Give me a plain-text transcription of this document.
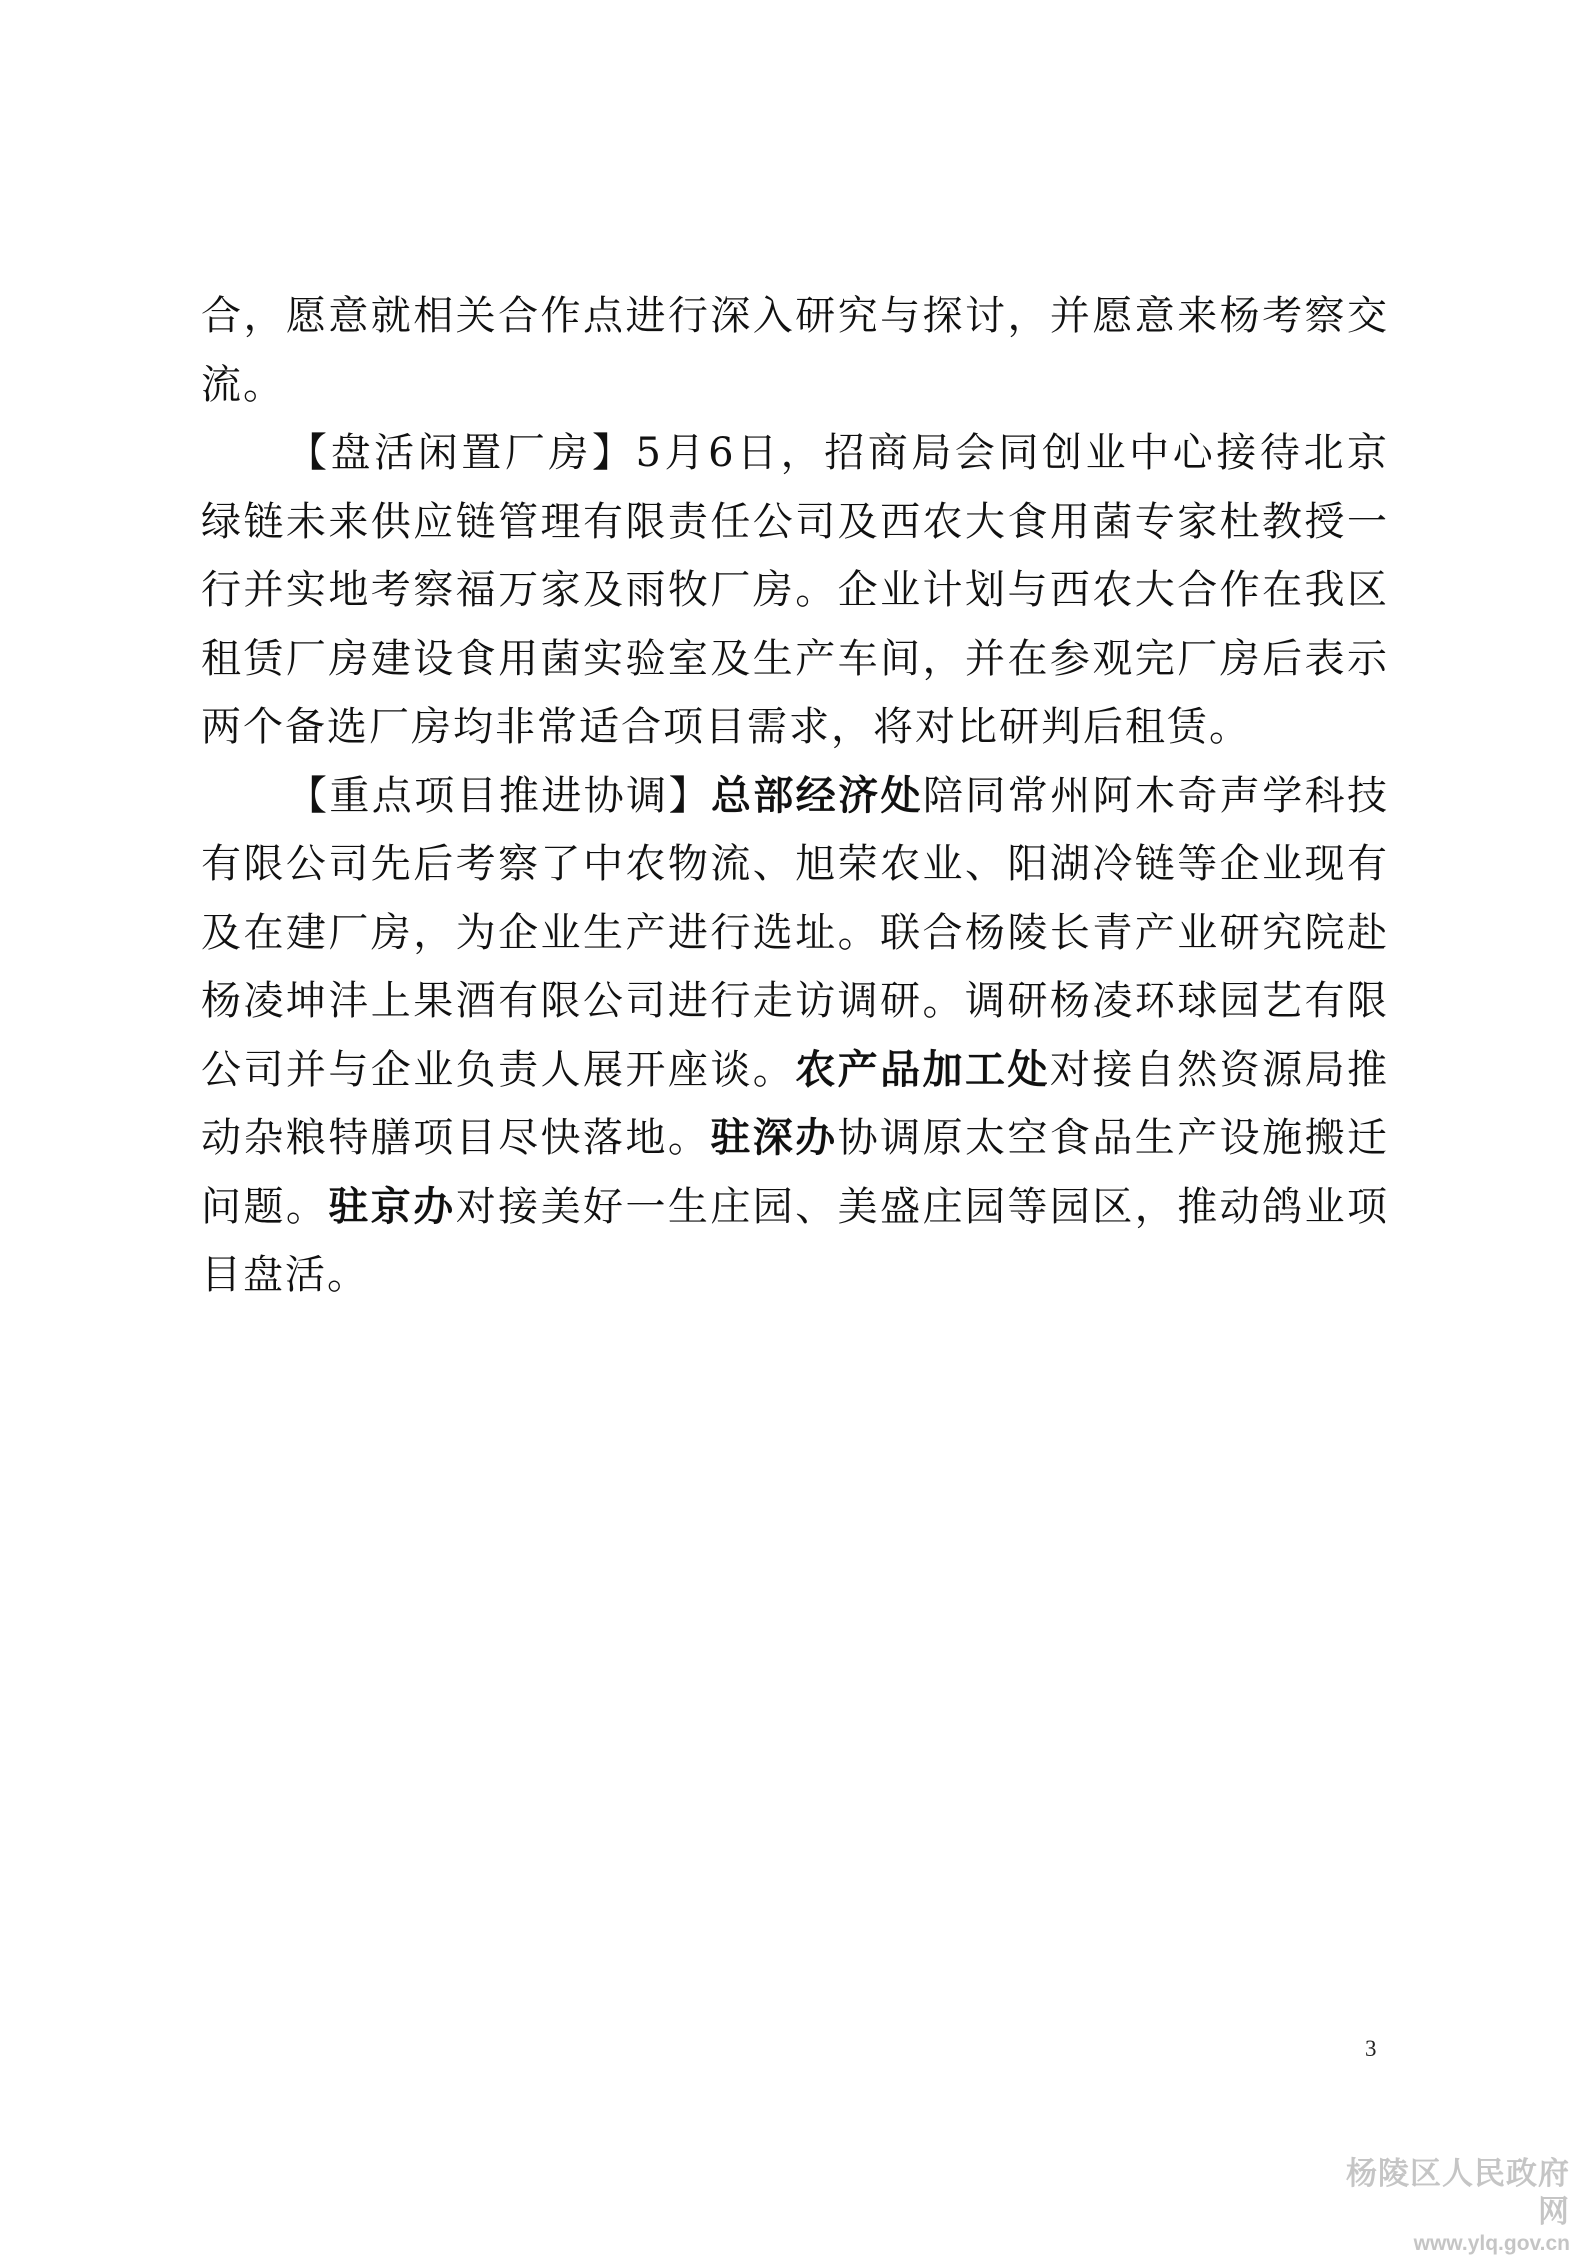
合，愿意就相关合作点进行深入研究与探讨，并愿意来杨考察交流。

【盘活闲置厂房】5月6日，招商局会同创业中心接待北京绿链未来供应链管理有限责任公司及西农大食用菌专家杜教授一行并实地考察福万家及雨牧厂房。企业计划与西农大合作在我区租赁厂房建设食用菌实验室及生产车间，并在参观完厂房后表示两个备选厂房均非常适合项目需求，将对比研判后租赁。

【重点项目推进协调】总部经济处陪同常州阿木奇声学科技有限公司先后考察了中农物流、旭荣农业、阳湖冷链等企业现有及在建厂房，为企业生产进行选址。联合杨陵长青产业研究院赴杨凌坤沣上果酒有限公司进行走访调研。调研杨凌环球园艺有限公司并与企业负责人展开座谈。农产品加工处对接自然资源局推动杂粮特膳项目尽快落地。驻深办协调原太空食品生产设施搬迁问题。驻京办对接美好一生庄园、美盛庄园等园区，推动鸽业项目盘活。

3
杨陵区人民政府网
www.ylq.gov.cn
